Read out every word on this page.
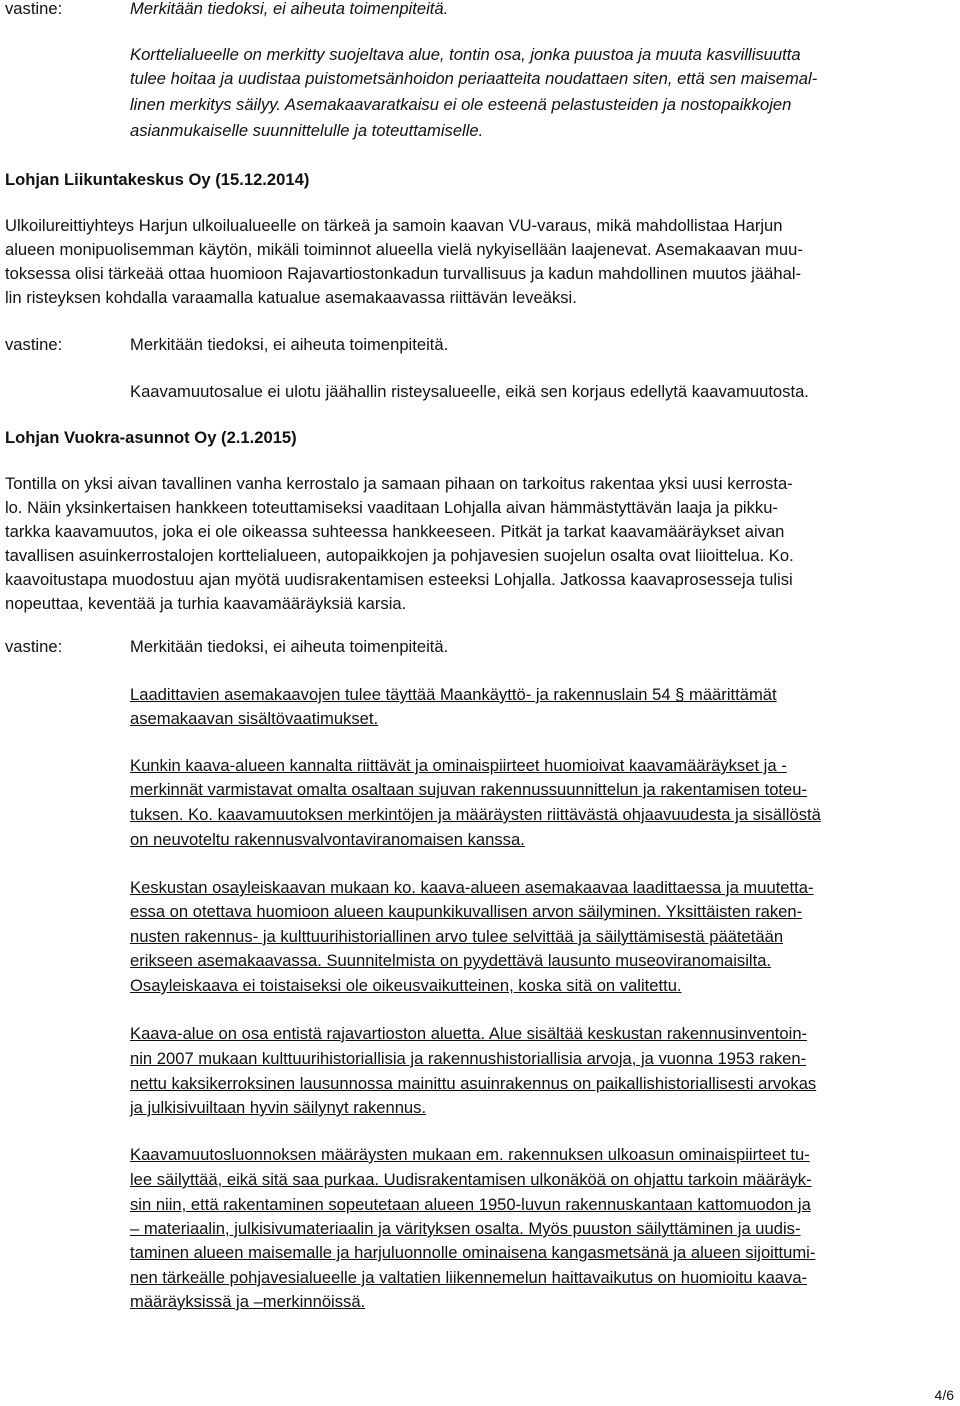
vastine:	Merkitään tiedoksi, ei aiheuta toimenpiteitä.
Korttelialueelle on merkitty suojeltava alue, tontin osa, jonka puustoa ja muuta kasvillisuutta
tulee hoitaa ja uudistaa puistometsänhoidon periaatteita noudattaen siten, että sen maisemal-
linen merkitys säilyy. Asemakaavaratkaisu ei ole esteenä pelastusteiden ja nostopaikkojen
asianmukaiselle suunnittelulle ja toteuttamiselle.
Lohjan Liikuntakeskus Oy (15.12.2014)
Ulkoilureittiyhteys Harjun ulkoilualueelle on tärkeä ja samoin kaavan VU-varaus, mikä mahdollistaa Harjun
alueen monipuolisemman käytön, mikäli toiminnot alueella vielä nykyisellään laajenevat. Asemakaavan muu-
toksessa olisi tärkeää ottaa huomioon Rajavartiostonkadun turvallisuus ja kadun mahdollinen muutos jäähal-
lin risteyksen kohdalla varaamalla katualue asemakaavassa riittävän leveäksi.
vastine:	Merkitään tiedoksi, ei aiheuta toimenpiteitä.
Kaavamuutosalue ei ulotu jäähallin risteysalueelle, eikä sen korjaus edellytä kaavamuutosta.
Lohjan Vuokra-asunnot Oy (2.1.2015)
Tontilla on yksi aivan tavallinen vanha kerrostalo ja samaan pihaan on tarkoitus rakentaa yksi uusi kerrosta-
lo. Näin yksinkertaisen hankkeen toteuttamiseksi vaaditaan Lohjalla aivan hämmästyttävän laaja ja pikku-
tarkka kaavamuutos, joka ei ole oikeassa suhteessa hankkeeseen. Pitkät ja tarkat kaavamääräykset aivan
tavallisen asuinkerrostalojen korttelialueen, autopaikkojen ja pohjavesien suojelun osalta ovat liioittelua. Ko.
kaavoitustapa muodostuu ajan myötä uudisrakentamisen esteeksi Lohjalla. Jatkossa kaavaprosesseja tulisi
nopeuttaa, keventää ja turhia kaavamääräyksiä karsia.
vastine:	Merkitään tiedoksi, ei aiheuta toimenpiteitä.
Laadittavien asemakaavojen tulee täyttää Maankäyttö- ja rakennuslain 54 § määrittämät
asemakaavan sisältövaatimukset.
Kunkin kaava-alueen kannalta riittävät ja ominaispiirteet huomioivat kaavamääräykset ja -
merkinnät varmistavat omalta osaltaan sujuvan rakennussuunnittelun ja rakentamisen toteu-
tuksen. Ko. kaavamuutoksen merkintöjen ja määräysten riittävästä ohjaavuudesta ja sisällöstä
on neuvoteltu rakennusvalvontaviranomaisen kanssa.
Keskustan osayleiskaavan mukaan ko. kaava-alueen asemakaavaa laadittaessa ja muutetta-
essa on otettava huomioon alueen kaupunkikuvallisen arvon säilyminen. Yksittäisten raken-
nusten rakennus- ja kulttuurihistoriallinen arvo tulee selvittää ja säilyttämisestä päätetään
erikseen asemakaavassa. Suunnitelmista on pyydettävä lausunto museoviranomaisilta.
Osayleiskaava ei toistaiseksi ole oikeusvaikutteinen, koska sitä on valitettu.
Kaava-alue on osa entistä rajavartioston aluetta. Alue sisältää keskustan rakennusinventoin-
nin 2007 mukaan kulttuurihistoriallisia ja rakennushistoriallisia arvoja, ja vuonna 1953 raken-
nettu kaksikerroksinen lausunnossa mainittu asuinrakennus on paikallishistoriallisesti arvokas
ja julkisivuiltaan hyvin säilynyt rakennus.
Kaavamuutosluonnoksen määräysten mukaan em. rakennuksen ulkoasun ominaispiirteet tu-
lee säilyttää, eikä sitä saa purkaa. Uudisrakentamisen ulkonäköä on ohjattu tarkoin määräyk-
sin niin, että rakentaminen sopeutetaan alueen 1950-luvun rakennuskantaan kattomuodon ja
– materiaalin, julkisivumateriaalin ja värityksen osalta. Myös puuston säilyttäminen ja uudis-
taminen alueen maisemalle ja harjuluonnolle ominaisena kangasmetsänä ja alueen sijoittumi-
nen tärkeälle pohjavesialueelle ja valtatien liikennemelun haittavaikutus on huomioitu kaava-
määräyksissä ja –merkinnöissä.
4/6
